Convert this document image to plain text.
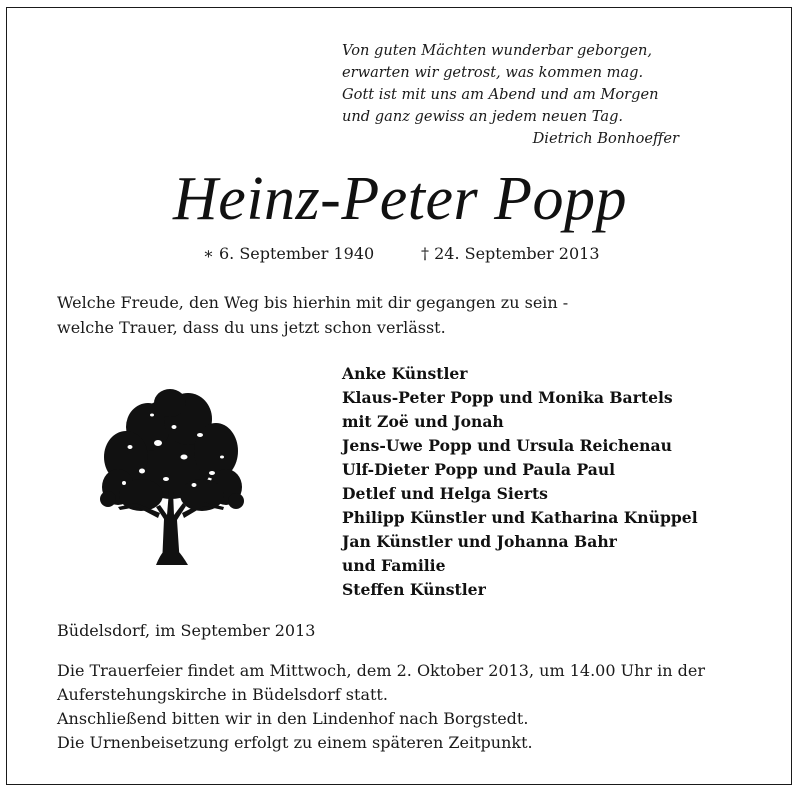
Von guten Mächten wunderbar geborgen,
erwarten wir getrost, was kommen mag.
Gott ist mit uns am Abend und am Morgen
und ganz gewiss an jedem neuen Tag.
Dietrich Bonhoeffer
Heinz-Peter Popp
∗ 6. September 1940	† 24. September 2013
Welche Freude, den Weg bis hierhin mit dir gegangen zu sein -
welche Trauer, dass du uns jetzt schon verlässt.
Anke Künstler
Klaus-Peter Popp und Monika Bartels
mit Zoë und Jonah
Jens-Uwe Popp und Ursula Reichenau
Ulf-Dieter Popp und Paula Paul
Detlef und Helga Sierts
Philipp Künstler und Katharina Knüppel
Jan Künstler und Johanna Bahr
und Familie
Steffen Künstler
Büdelsdorf, im September 2013
Die Trauerfeier findet am Mittwoch, dem 2. Oktober 2013, um 14.00 Uhr in der
Auferstehungskirche in Büdelsdorf statt.
Anschließend bitten wir in den Lindenhof nach Borgstedt.
Die Urnenbeisetzung erfolgt zu einem späteren Zeitpunkt.
